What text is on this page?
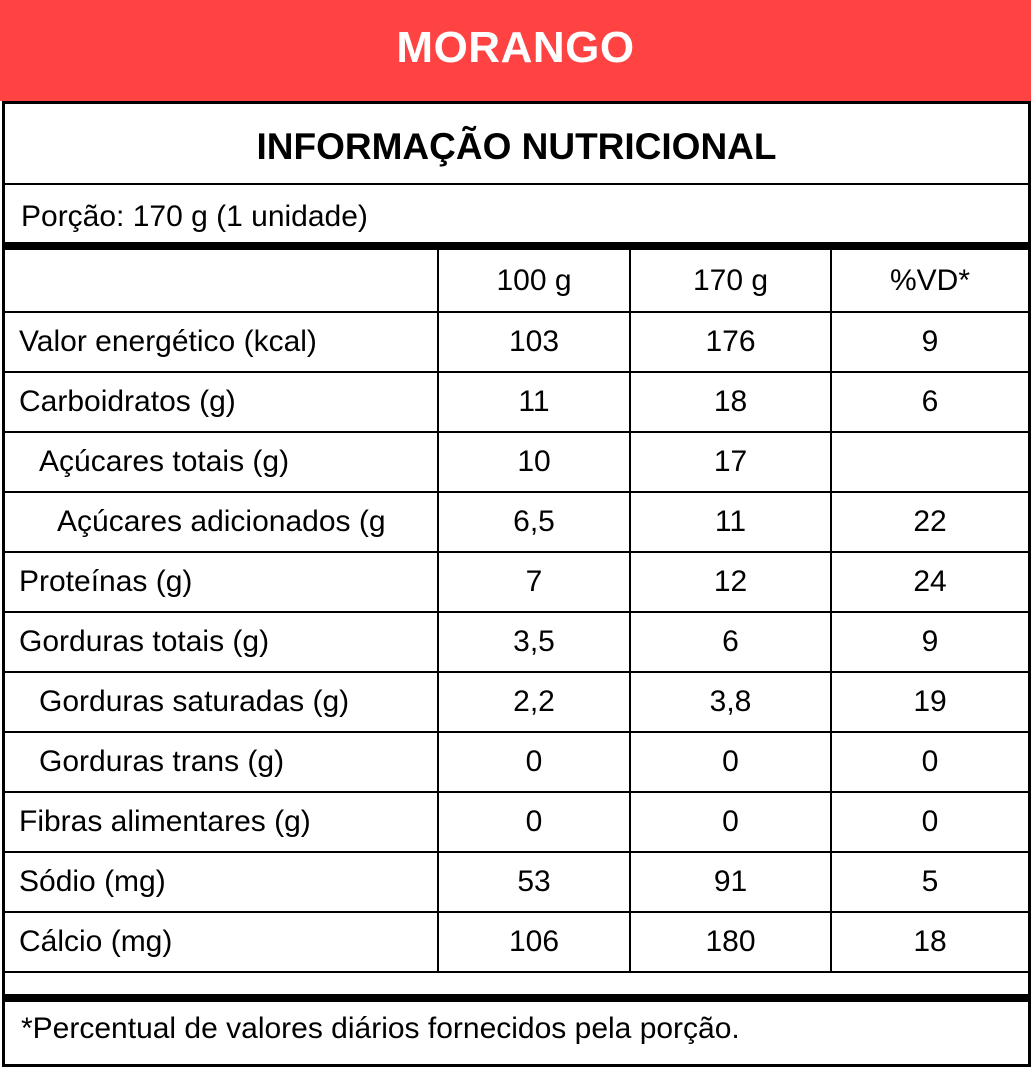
MORANGO
INFORMAÇÃO NUTRICIONAL
Porção: 170 g (1 unidade)
	100 g	170 g	%VD*
Valor energético (kcal)	103	176	9
Carboidratos (g)	11	18	6
Açúcares totais (g)	10	17	
Açúcares adicionados (g	6,5	11	22
Proteínas (g)	7	12	24
Gorduras totais (g)	3,5	6	9
Gorduras saturadas (g)	2,2	3,8	19
Gorduras trans (g)	0	0	0
Fibras alimentares (g)	0	0	0
Sódio (mg)	53	91	5
Cálcio (mg)	106	180	18
*Percentual de valores diários fornecidos pela porção.
